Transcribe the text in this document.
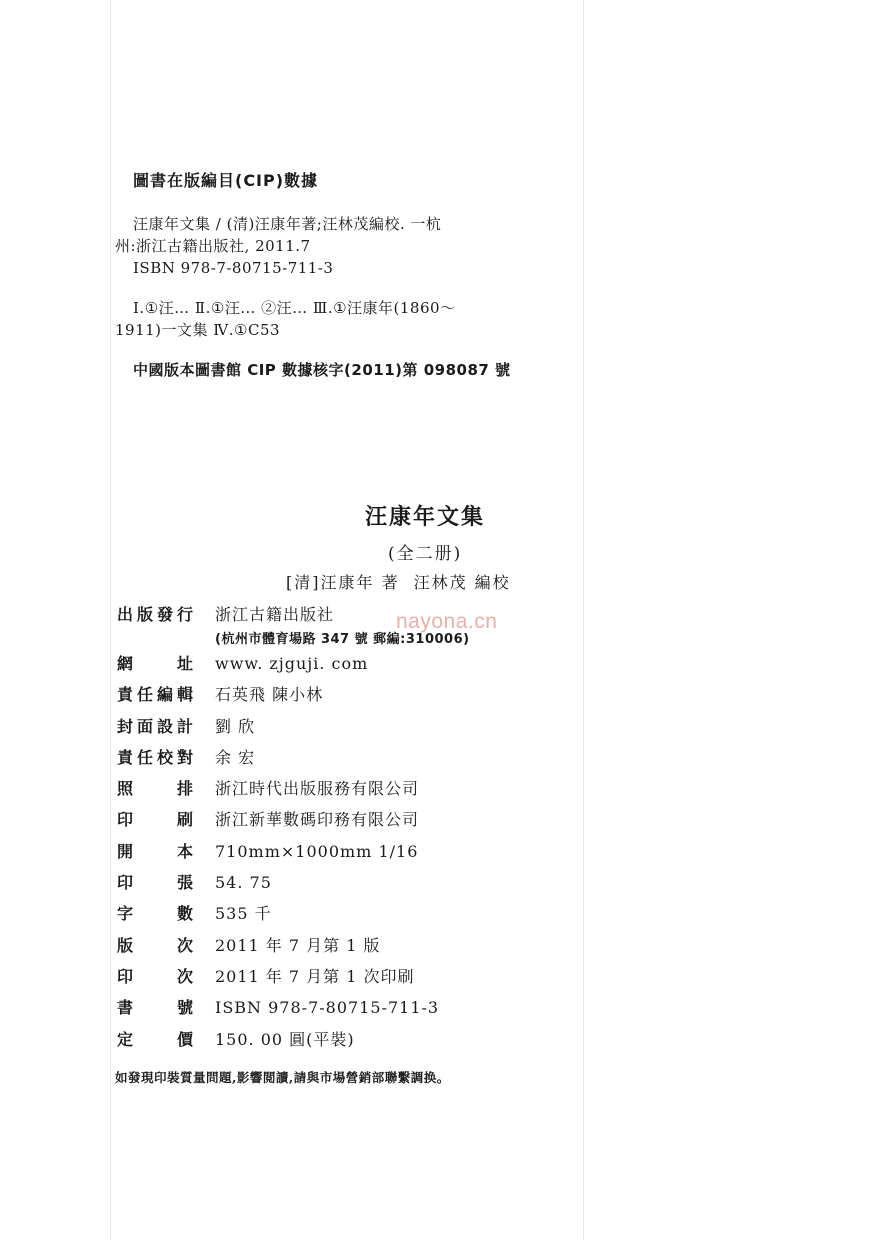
圖書在版編目(CIP)數據
汪康年文集 / (清)汪康年著;汪林茂編校. 一杭
州:浙江古籍出版社, 2011.7
ISBN 978-7-80715-711-3
Ⅰ.①汪… Ⅱ.①汪… ②汪… Ⅲ.①汪康年(1860～
1911)一文集 Ⅳ.①C53
中國版本圖書館 CIP 數據核字(2011)第 098087 號
汪康年文集
(全二册)
[清]汪康年 著 汪林茂 編校
nayona.cn
出 版 發 行 浙江古籍出版社
(杭州市體育場路 347 號 郵編:310006)
網	址 www. zjguji. com
責 任 編 輯 石英飛 陳小林
封 面 設 計 劉 欣
責 任 校 對 余 宏
照	排 浙江時代出版服務有限公司
印	刷 浙江新華數碼印務有限公司
開	本 710mm×1000mm 1/16
印	張 54. 75
字	數 535 千
版	次 2011 年 7 月第 1 版
印	次 2011 年 7 月第 1 次印刷
書	號 ISBN 978-7-80715-711-3
定	價 150. 00 圓(平裝)
如發現印裝質量問題,影響閲讀,請與市場營銷部聯繫調换。
